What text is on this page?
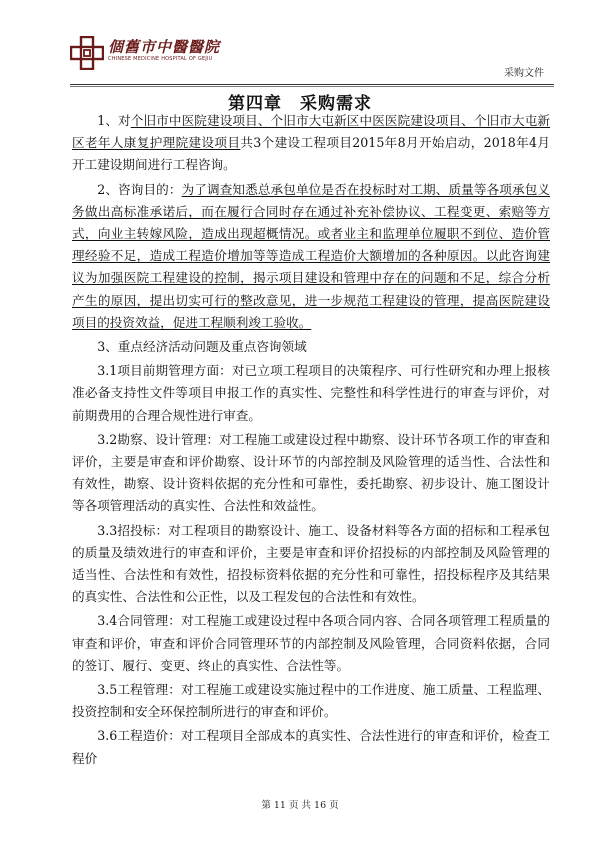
個舊市中醫醫院
CHINESE MEDICINE HOSPITAL OF GEJIU
采购文件
第四章　采购需求

1、对个旧市中医院建设项目、个旧市大屯新区中医医院建设项目、个旧市大屯新区老年人康复护理院建设项目共3个建设工程项目2015年8月开始启动，2018年4月开工建设期间进行工程咨询。

2、咨询目的：为了调查知悉总承包单位是否在投标时对工期、质量等各项承包义务做出高标准承诺后，而在履行合同时存在通过补充补偿协议、工程变更、索赔等方式，向业主转嫁风险，造成出现超概情况。或者业主和监理单位履职不到位、造价管理经验不足，造成工程造价增加等等造成工程造价大额增加的各种原因。以此咨询建议为加强医院工程建设的控制，揭示项目建设和管理中存在的问题和不足，综合分析产生的原因，提出切实可行的整改意见，进一步规范工程建设的管理，提高医院建设项目的投资效益，促进工程顺利竣工验收。

3、重点经济活动问题及重点咨询领域

3.1项目前期管理方面：对已立项工程项目的决策程序、可行性研究和办理上报核准必备支持性文件等项目申报工作的真实性、完整性和科学性进行的审查与评价，对前期费用的合理合规性进行审查。

3.2勘察、设计管理：对工程施工或建设过程中勘察、设计环节各项工作的审查和评价，主要是审查和评价勘察、设计环节的内部控制及风险管理的适当性、合法性和有效性，勘察、设计资料依据的充分性和可靠性，委托勘察、初步设计、施工图设计等各项管理活动的真实性、合法性和效益性。

3.3招投标：对工程项目的勘察设计、施工、设备材料等各方面的招标和工程承包的质量及绩效进行的审查和评价，主要是审查和评价招投标的内部控制及风险管理的适当性、合法性和有效性，招投标资料依据的充分性和可靠性，招投标程序及其结果的真实性、合法性和公正性，以及工程发包的合法性和有效性。

3.4合同管理：对工程施工或建设过程中各项合同内容、合同各项管理工程质量的审查和评价，审查和评价合同管理环节的内部控制及风险管理，合同资料依据，合同的签订、履行、变更、终止的真实性、合法性等。

3.5工程管理：对工程施工或建设实施过程中的工作进度、施工质量、工程监理、投资控制和安全环保控制所进行的审查和评价。

3.6工程造价：对工程项目全部成本的真实性、合法性进行的审查和评价，检查工程价

第 11 页 共 16 页
